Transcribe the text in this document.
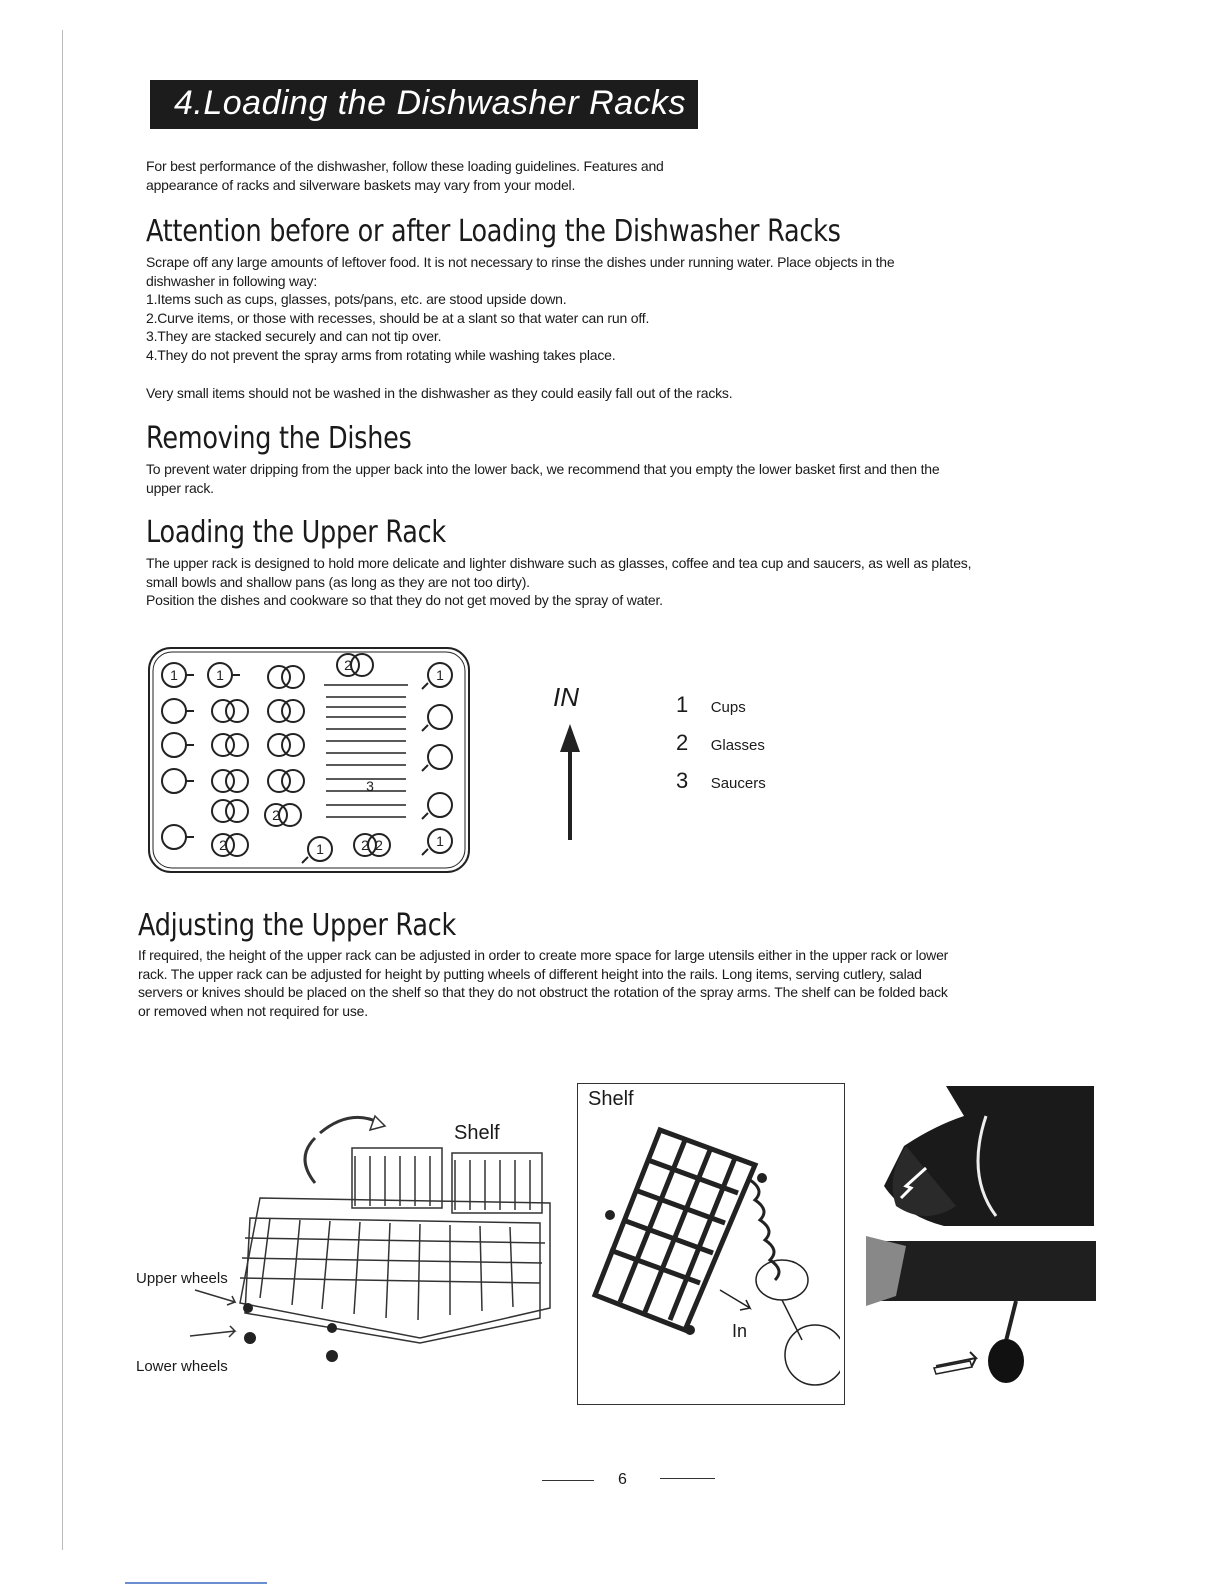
4.Loading the Dishwasher Racks
For best performance of the dishwasher, follow these loading guidelines. Features and
appearance of racks and silverware baskets may vary from your model.
Attention before or after Loading the Dishwasher Racks
Scrape off any large amounts of leftover food. It is not necessary to rinse the dishes under running water. Place objects in the
dishwasher in following way:
1.Items such as cups, glasses, pots/pans, etc. are stood upside down.
2.Curve items, or those with recesses, should be at a slant so that water can run off.
3.They are stacked securely and can not tip over.
4.They do not prevent the spray arms from rotating while washing takes place.
Very small items should not be washed in the dishwasher as they could easily fall out of the racks.
Removing the Dishes
To prevent water dripping from the upper back into the lower back, we recommend that you empty the lower basket first and then the
upper rack.
Loading the Upper Rack
The upper rack is designed to hold more delicate and lighter dishware such as glasses, coffee and tea cup and saucers, as well as plates,
small bowls and shallow pans (as long as they are not too dirty).
Position the dishes and cookware so that they do not get moved by the spray of water.
1	1
2
1
2
2	2
3
1	2	1
IN	1 Cups
2 Glasses
3 Saucers
Adjusting the Upper Rack
If required, the height of the upper rack can be adjusted in order to create more space for large utensils either in the upper rack or lower
rack. The upper rack can be adjusted for height by putting wheels of different height into the rails. Long items, serving cutlery, salad
servers or knives should be placed on the shelf so that they do not obstruct the rotation of the spray arms. The shelf can be folded back
or removed when not required for use.
Shelf
Upper wheels
Lower wheels
Shelf
In
6
